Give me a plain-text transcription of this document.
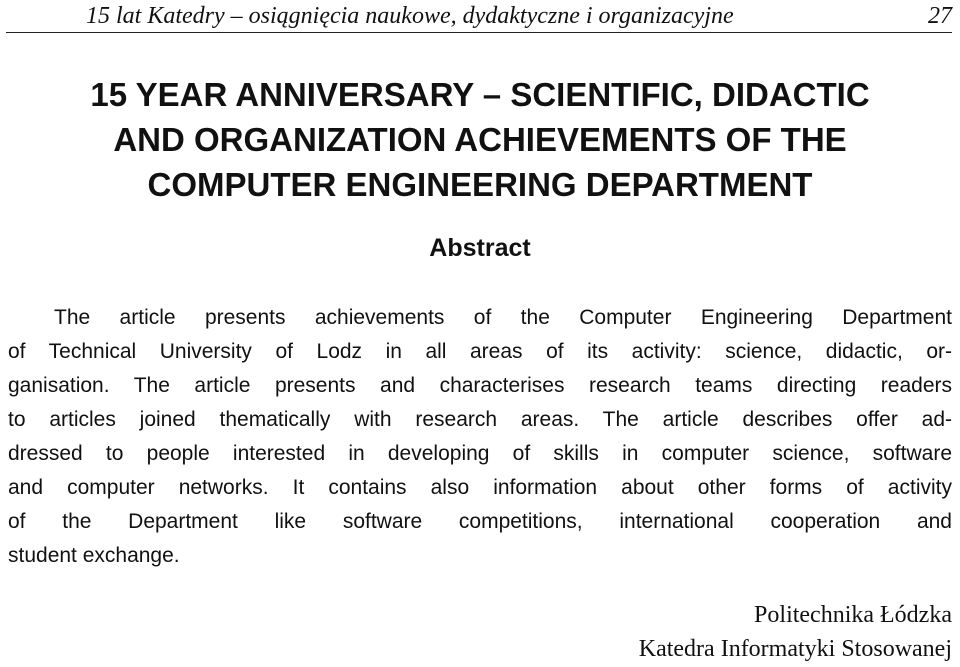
15 lat Katedry – osiągnięcia naukowe, dydaktyczne i organizacyjne	27
15 YEAR ANNIVERSARY – SCIENTIFIC, DIDACTIC
AND ORGANIZATION ACHIEVEMENTS OF THE
COMPUTER ENGINEERING DEPARTMENT
Abstract
The article presents achievements of the Computer Engineering Department
of Technical University of Lodz in all areas of its activity: science, didactic, or-
ganisation. The article presents and characterises research teams directing readers
to articles joined thematically with research areas. The article describes offer ad-
dressed to people interested in developing of skills in computer science, software
and computer networks. It contains also information about other forms of activity
of the Department like software competitions, international cooperation and
student exchange.
Politechnika Łódzka
Katedra Informatyki Stosowanej
